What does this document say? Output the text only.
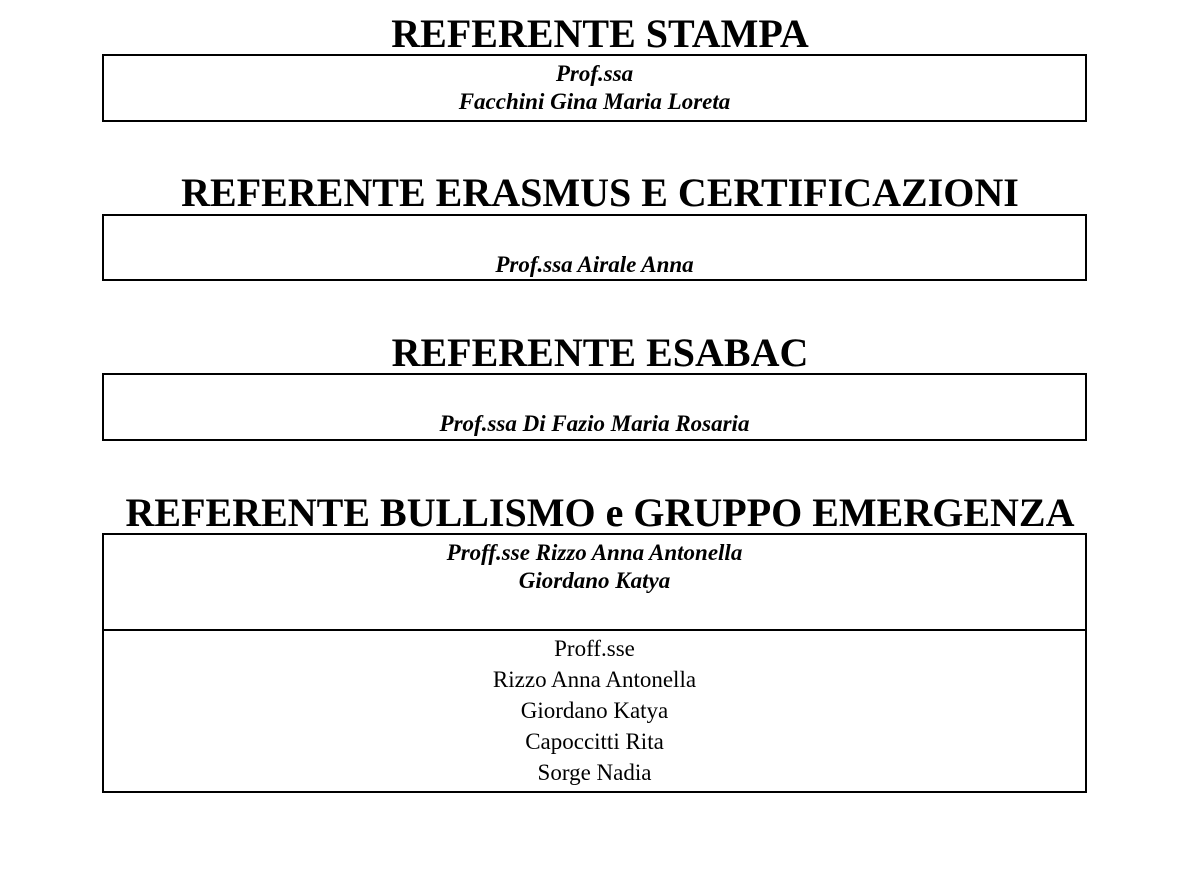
REFERENTE STAMPA
Prof.ssa
Facchini Gina Maria Loreta
REFERENTE ERASMUS E CERTIFICAZIONI
Prof.ssa Airale Anna
REFERENTE ESABAC
Prof.ssa Di Fazio Maria Rosaria
REFERENTE BULLISMO e GRUPPO EMERGENZA
Proff.sse Rizzo Anna Antonella
Giordano Katya
Proff.sse
Rizzo Anna Antonella
Giordano Katya
Capoccitti Rita
Sorge Nadia
